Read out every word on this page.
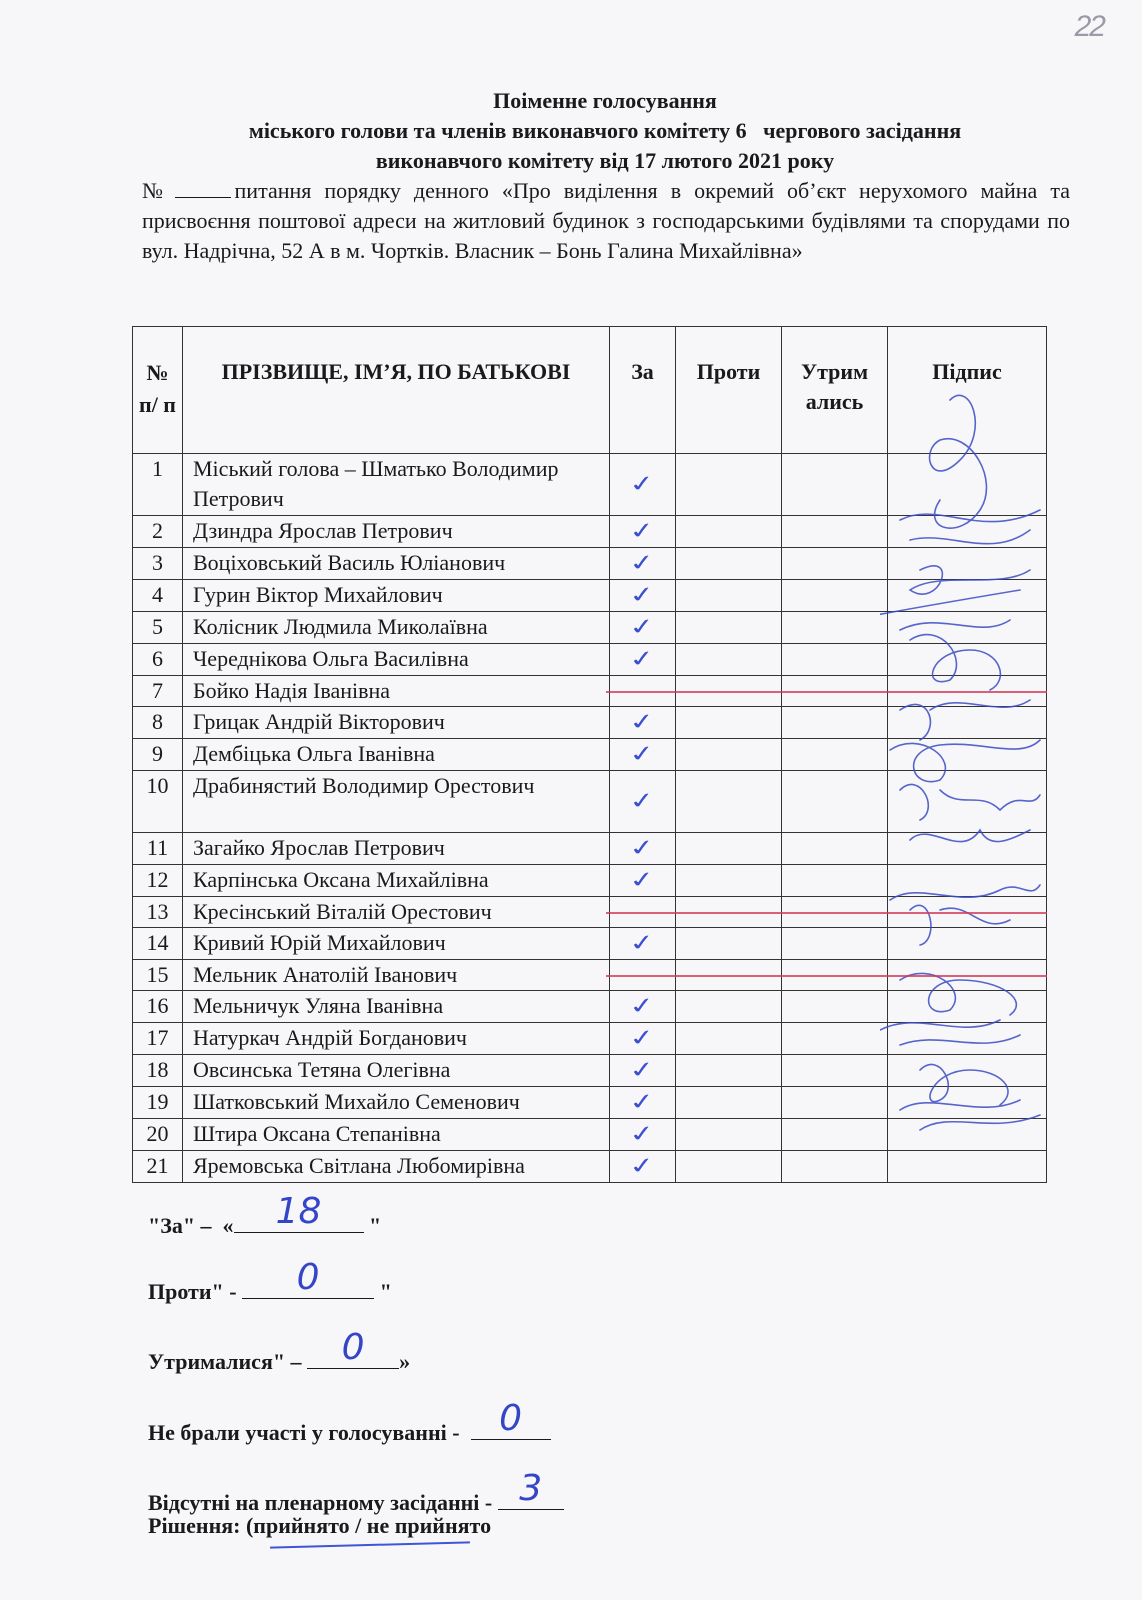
22
Поіменне голосування
міського голови та членів виконавчого комітету 6   чергового засідання
виконавчого комітету від 17 лютого 2021 року
№	питання порядку денного «Про виділення в окремий об’єкт нерухомого майна та присвоєння поштової адреси на житловий будинок з господарськими будівлями та спорудами по вул. Надрічна, 52 А в м. Чортків. Власник – Бонь Галина Михайлівна»
№ п/ п	ПРІЗВИЩЕ, ІМ’Я, ПО БАТЬКОВІ	За	Проти	Утрим ались	Підпис
1	Міський голова – Шматько Володимир Петрович	✓			
2	Дзиндра Ярослав Петрович	✓			
3	Воціховський Василь Юліанович	✓			
4	Гурин Віктор Михайлович	✓			
5	Колісник Людмила Миколаївна	✓			
6	Череднікова Ольга Василівна	✓			
7	Бойко Надія Іванівна				
8	Грицак Андрій Вікторович	✓			
9	Дембіцька Ольга Іванівна	✓			
10	Драбинястий Володимир Орестович	✓			
11	Загайко Ярослав Петрович	✓			
12	Карпінська Оксана Михайлівна	✓			
13	Кресінський Віталій Орестович				
14	Кривий Юрій Михайлович	✓			
15	Мельник Анатолій Іванович				
16	Мельничук Уляна Іванівна	✓			
17	Натуркач Андрій Богданович	✓			
18	Овсинська Тетяна Олегівна	✓			
19	Шатковський Михайло Семенович	✓			
20	Штира Оксана Степанівна	✓			
21	Яремовська Світлана Любомирівна	✓			
"За" –  «	18	"
Проти" -	0	"
Утрималися" – 0	»
Не брали участі у голосуванні - 0
Відсутні на пленарному засіданні - 3
Рішення: (прийнято / не прийнято
